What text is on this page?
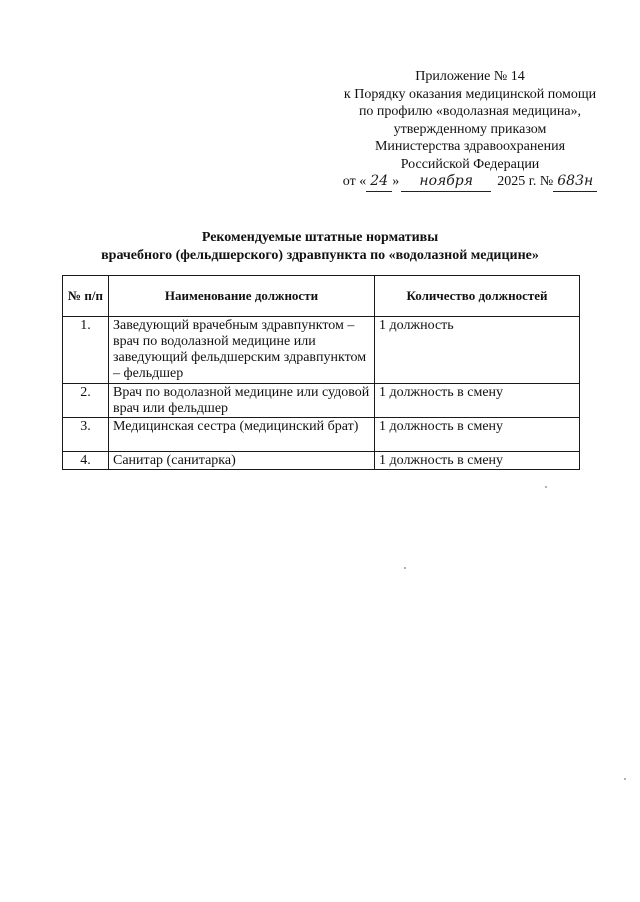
Приложение № 14
к Порядку оказания медицинской помощи
по профилю «водолазная медицина»,
утвержденному приказом
Министерства здравоохранения
Российской Федерации
от « 24 » ноября 2025 г. № 683н
Рекомендуемые штатные нормативы
врачебного (фельдшерского) здравпункта по «водолазной медицине»
№ п/п	Наименование должности	Количество должностей
1.	Заведующий врачебным здравпунктом – врач по водолазной медицине или заведующий фельдшерским здравпунктом – фельдшер	1 должность
2.	Врач по водолазной медицине или судовой врач или фельдшер	1 должность в смену
3.	Медицинская сестра (медицинский брат)	1 должность в смену
4.	Санитар (санитарка)	1 должность в смену
